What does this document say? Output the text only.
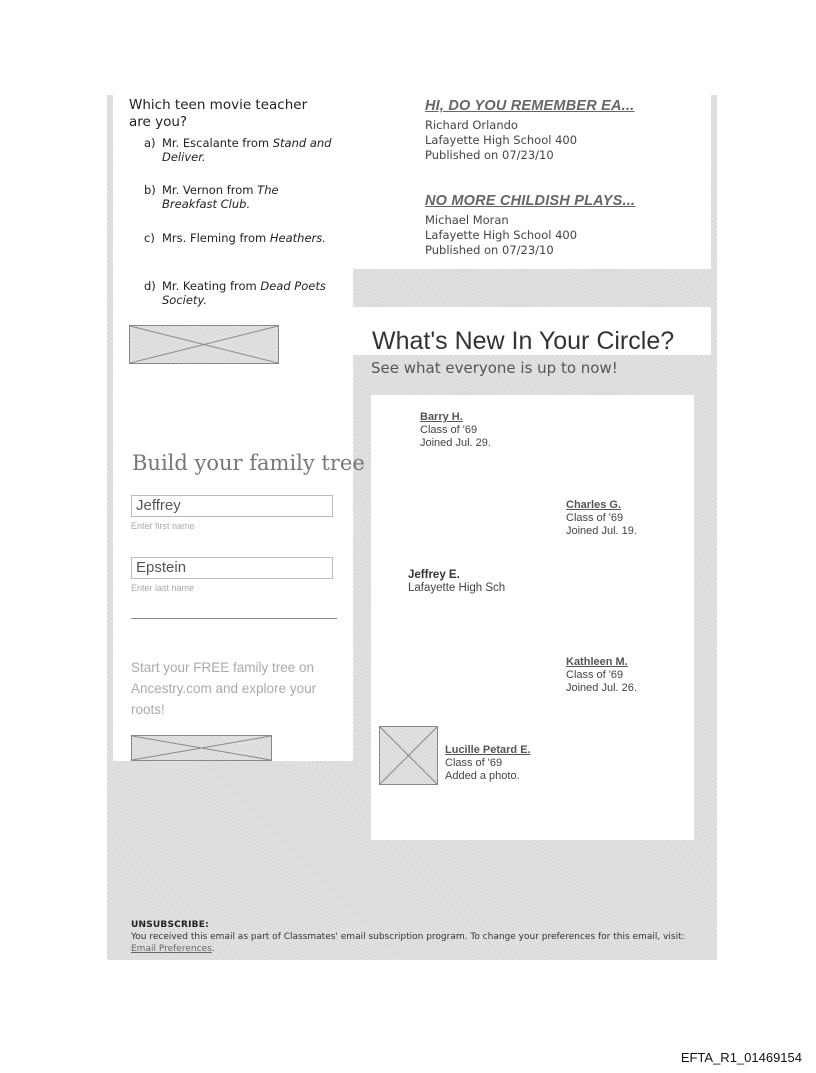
Which teen movie teacher are you?
a) Mr. Escalante from Stand and Deliver.
b) Mr. Vernon from The Breakfast Club.
c) Mrs. Fleming from Heathers.
d) Mr. Keating from Dead Poets Society.
HI, DO YOU REMEMBER EA...
Richard Orlando
Lafayette High School 400
Published on 07/23/10
NO MORE CHILDISH PLAYS...
Michael Moran
Lafayette High School 400
Published on 07/23/10
What's New In Your Circle?
See what everyone is up to now!
Barry H.
Class of '69
Joined Jul. 29.
Charles G.
Class of '69
Joined Jul. 19.
Jeffrey E.
Lafayette High Sch
Kathleen M.
Class of '69
Joined Jul. 26.
Lucille Petard E.
Class of '69
Added a photo.
Build your family tree
Jeffrey
Enter first name
Epstein
Enter last name
Start your FREE family tree on Ancestry.com and explore your roots!
UNSUBSCRIBE:
You received this email as part of Classmates' email subscription program. To change your preferences for this email, visit: Email Preferences.
EFTA_R1_01469154
